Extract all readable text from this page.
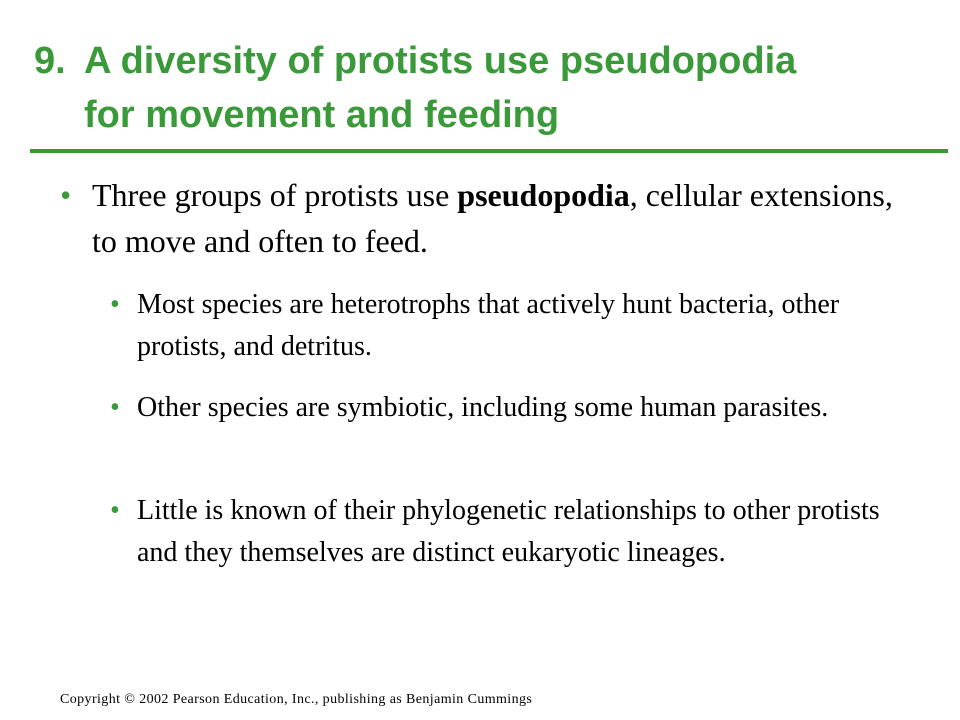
9. A diversity of protists use pseudopodia
for movement and feeding
• Three groups of protists use pseudopodia, cellular extensions, to move and often to feed.
• Most species are heterotrophs that actively hunt bacteria, other protists, and detritus.
• Other species are symbiotic, including some human parasites.
• Little is known of their phylogenetic relationships to other protists and they themselves are distinct eukaryotic lineages.
Copyright © 2002 Pearson Education, Inc., publishing as Benjamin Cummings
